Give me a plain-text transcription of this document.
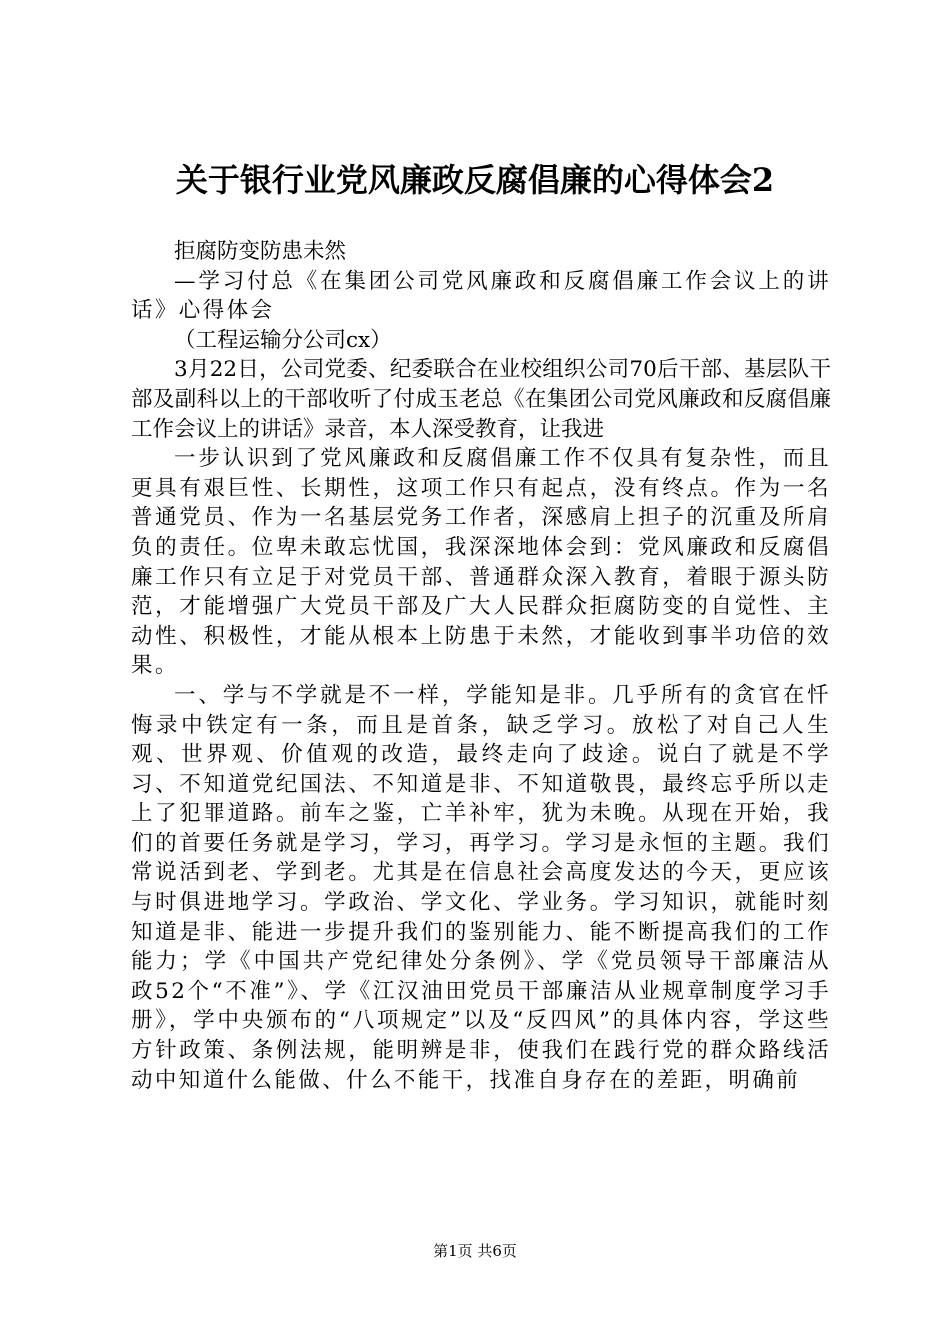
关于银行业党风廉政反腐倡廉的心得体会2

拒腐防变防患未然

—学习付总《在集团公司党风廉政和反腐倡廉工作会议上的讲话》心得体会

（工程运输分公司cx）

3月22日，公司党委、纪委联合在业校组织公司70后干部、基层队干部及副科以上的干部收听了付成玉老总《在集团公司党风廉政和反腐倡廉工作会议上的讲话》录音，本人深受教育，让我进

一步认识到了党风廉政和反腐倡廉工作不仅具有复杂性，而且更具有艰巨性、长期性，这项工作只有起点，没有终点。作为一名普通党员、作为一名基层党务工作者，深感肩上担子的沉重及所肩负的责任。位卑未敢忘忧国，我深深地体会到：党风廉政和反腐倡廉工作只有立足于对党员干部、普通群众深入教育，着眼于源头防范，才能增强广大党员干部及广大人民群众拒腐防变的自觉性、主动性、积极性，才能从根本上防患于未然，才能收到事半功倍的效果。

一、学与不学就是不一样，学能知是非。几乎所有的贪官在忏悔录中铁定有一条，而且是首条，缺乏学习。放松了对自己人生观、世界观、价值观的改造，最终走向了歧途。说白了就是不学习、不知道党纪国法、不知道是非、不知道敬畏，最终忘乎所以走上了犯罪道路。前车之鉴，亡羊补牢，犹为未晚。从现在开始，我们的首要任务就是学习，学习，再学习。学习是永恒的主题。我们常说活到老、学到老。尤其是在信息社会高度发达的今天，更应该与时俱进地学习。学政治、学文化、学业务。学习知识，就能时刻知道是非、能进一步提升我们的鉴别能力、能不断提高我们的工作能力；学《中国共产党纪律处分条例》、学《党员领导干部廉洁从政52个“不准”》、学《江汉油田党员干部廉洁从业规章制度学习手册》，学中央颁布的“八项规定”以及“反四风”的具体内容，学这些方针政策、条例法规，能明辨是非，使我们在践行党的群众路线活动中知道什么能做、什么不能干，找准自身存在的差距，明确前

第1页 共6页
